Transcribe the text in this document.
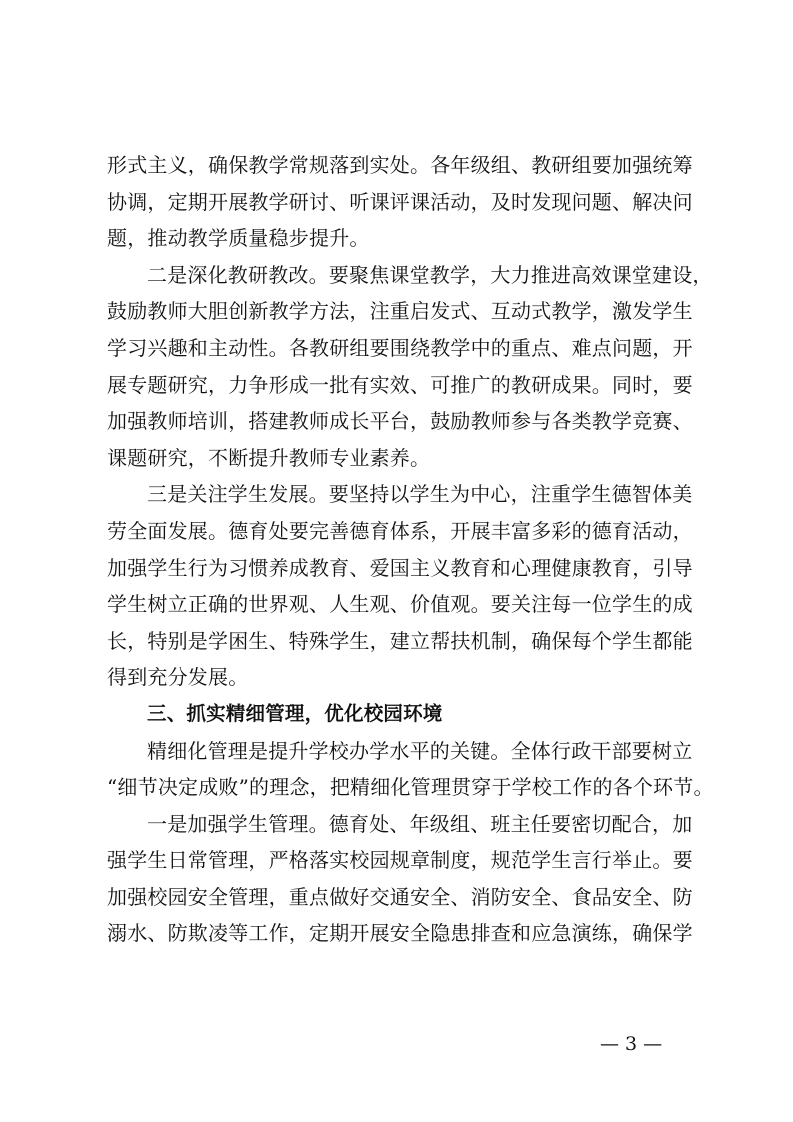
形式主义，确保教学常规落到实处。各年级组、教研组要加强统筹
协调，定期开展教学研讨、听课评课活动，及时发现问题、解决问
题，推动教学质量稳步提升。
二是深化教研教改。要聚焦课堂教学，大力推进高效课堂建设，
鼓励教师大胆创新教学方法，注重启发式、互动式教学，激发学生
学习兴趣和主动性。各教研组要围绕教学中的重点、难点问题，开
展专题研究，力争形成一批有实效、可推广的教研成果。同时，要
加强教师培训，搭建教师成长平台，鼓励教师参与各类教学竞赛、
课题研究，不断提升教师专业素养。
三是关注学生发展。要坚持以学生为中心，注重学生德智体美
劳全面发展。德育处要完善德育体系，开展丰富多彩的德育活动，
加强学生行为习惯养成教育、爱国主义教育和心理健康教育，引导
学生树立正确的世界观、人生观、价值观。要关注每一位学生的成
长，特别是学困生、特殊学生，建立帮扶机制，确保每个学生都能
得到充分发展。
三、抓实精细管理，优化校园环境
精细化管理是提升学校办学水平的关键。全体行政干部要树立
“细节决定成败”的理念，把精细化管理贯穿于学校工作的各个环节。
一是加强学生管理。德育处、年级组、班主任要密切配合，加
强学生日常管理，严格落实校园规章制度，规范学生言行举止。要
加强校园安全管理，重点做好交通安全、消防安全、食品安全、防
溺水、防欺凌等工作，定期开展安全隐患排查和应急演练，确保学
— 3 —
